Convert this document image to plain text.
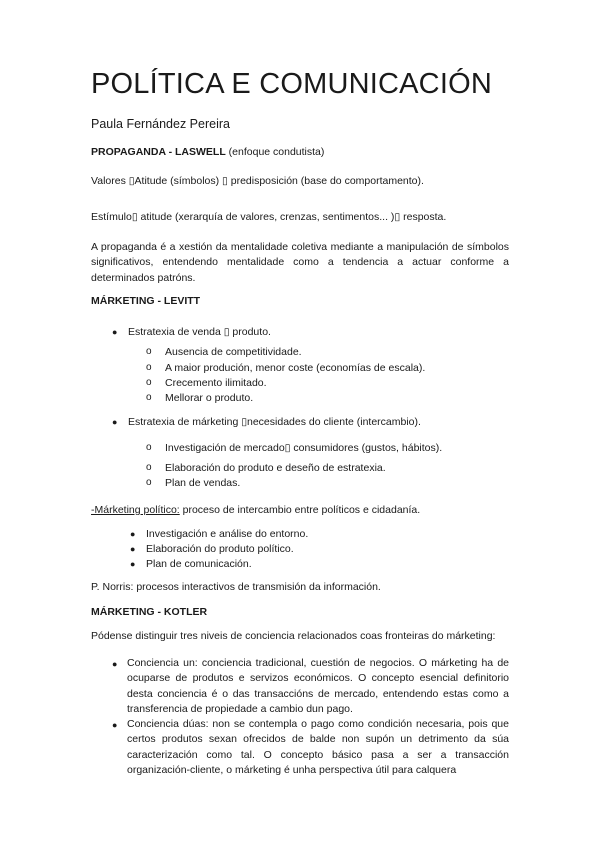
POLÍTICA E COMUNICACIÓN
Paula Fernández Pereira
PROPAGANDA - LASWELL (enfoque condutista)
Valores ▯Atitude (símbolos) ▯ predisposición (base do comportamento).
Estímulo▯ atitude (xerarquía de valores, crenzas, sentimentos... )▯ resposta.

A propaganda é a xestión da mentalidade coletiva mediante a manipulación de símbolos significativos, entendendo mentalidade como a tendencia a actuar conforme a determinados patróns.

MÁRKETING - LEVITT
● Estratexia de venda ▯ produto.
o Ausencia de competitividade.
o A maior produción, menor coste (economías de escala).
o Crecemento ilimitado.
o Mellorar o produto.
● Estratexia de márketing ▯necesidades do cliente (intercambio).
o Investigación de mercado▯ consumidores (gustos, hábitos).
o Elaboración do produto e deseño de estratexia.
o Plan de vendas.
-Márketing político: proceso de intercambio entre políticos e cidadanía.
● Investigación e análise do entorno.
● Elaboración do produto político.
● Plan de comunicación.
P. Norris: procesos interactivos de transmisión da información.
MÁRKETING - KOTLER
Pódense distinguir tres niveis de conciencia relacionados coas fronteiras do márketing:
● Conciencia un: conciencia tradicional, cuestión de negocios. O márketing ha de ocuparse de produtos e servizos económicos. O concepto esencial definitorio desta conciencia é o das transaccións de mercado, entendendo estas como a transferencia de propiedade a cambio dun pago.

● Conciencia dúas: non se contempla o pago como condición necesaria, pois que certos produtos sexan ofrecidos de balde non supón un detrimento da súa caracterización como tal. O concepto básico pasa a ser a transacción organización-cliente, o márketing é unha perspectiva útil para calquera
